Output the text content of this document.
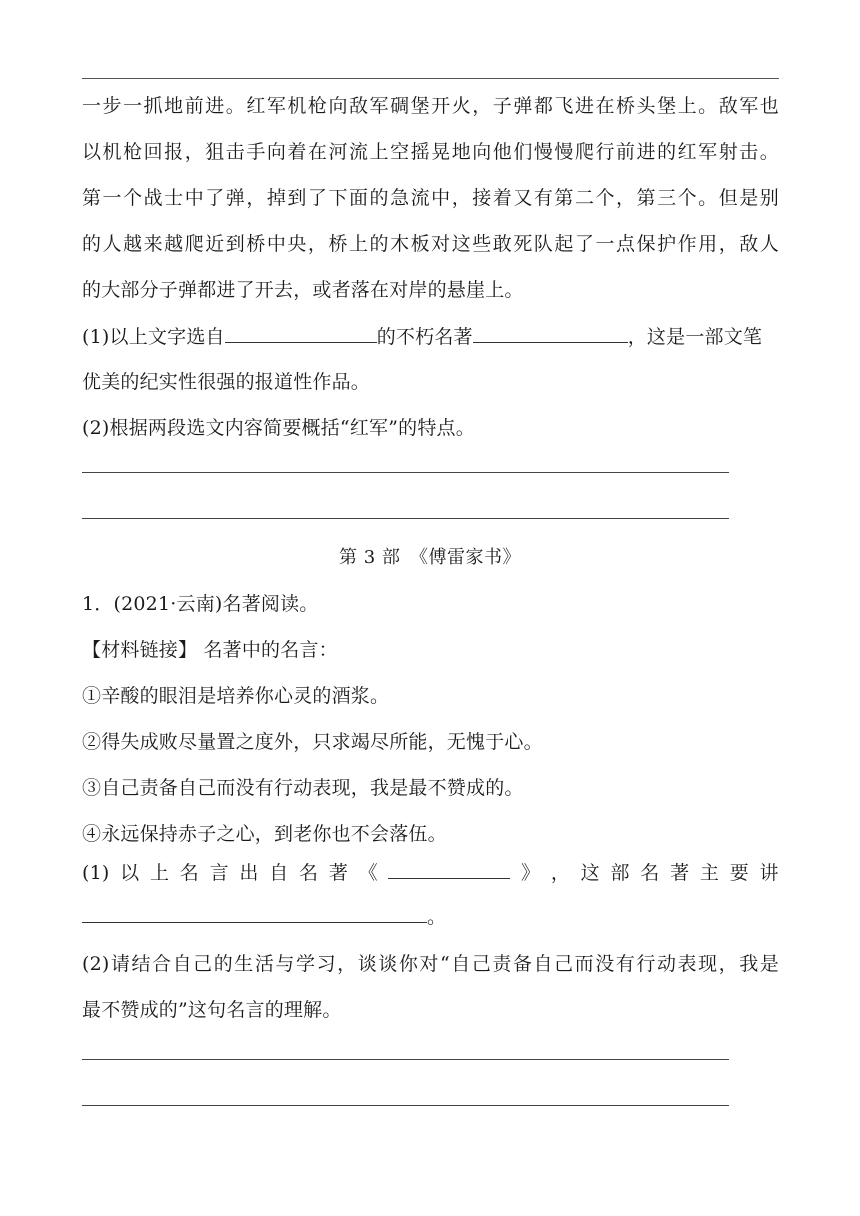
一步一抓地前进。红军机枪向敌军碉堡开火，子弹都飞进在桥头堡上。敌军也
以机枪回报，狙击手向着在河流上空摇晃地向他们慢慢爬行前进的红军射击。
第一个战士中了弹，掉到了下面的急流中，接着又有第二个，第三个。但是别
的人越来越爬近到桥中央，桥上的木板对这些敢死队起了一点保护作用，敌人
的大部分子弹都进了开去，或者落在对岸的悬崖上。
(1)以上文字选自	的不朽名著	，这是一部文笔
优美的纪实性很强的报道性作品。
(2)根据两段选文内容简要概括“红军”的特点。
第 3 部　《傅雷家书》
1．(2021·云南)名著阅读。
【材料链接】 名著中的名言：
①辛酸的眼泪是培养你心灵的酒浆。
②得失成败尽量置之度外，只求竭尽所能，无愧于心。
③自己责备自己而没有行动表现，我是最不赞成的。
④永远保持赤子之心，到老你也不会落伍。
(1) 以 上 名 言 出 自 名 著 《	》 ， 这 部 名 著 主 要 讲
。
(2)请结合自己的生活与学习，谈谈你对“自己责备自己而没有行动表现，我是
最不赞成的”这句名言的理解。
